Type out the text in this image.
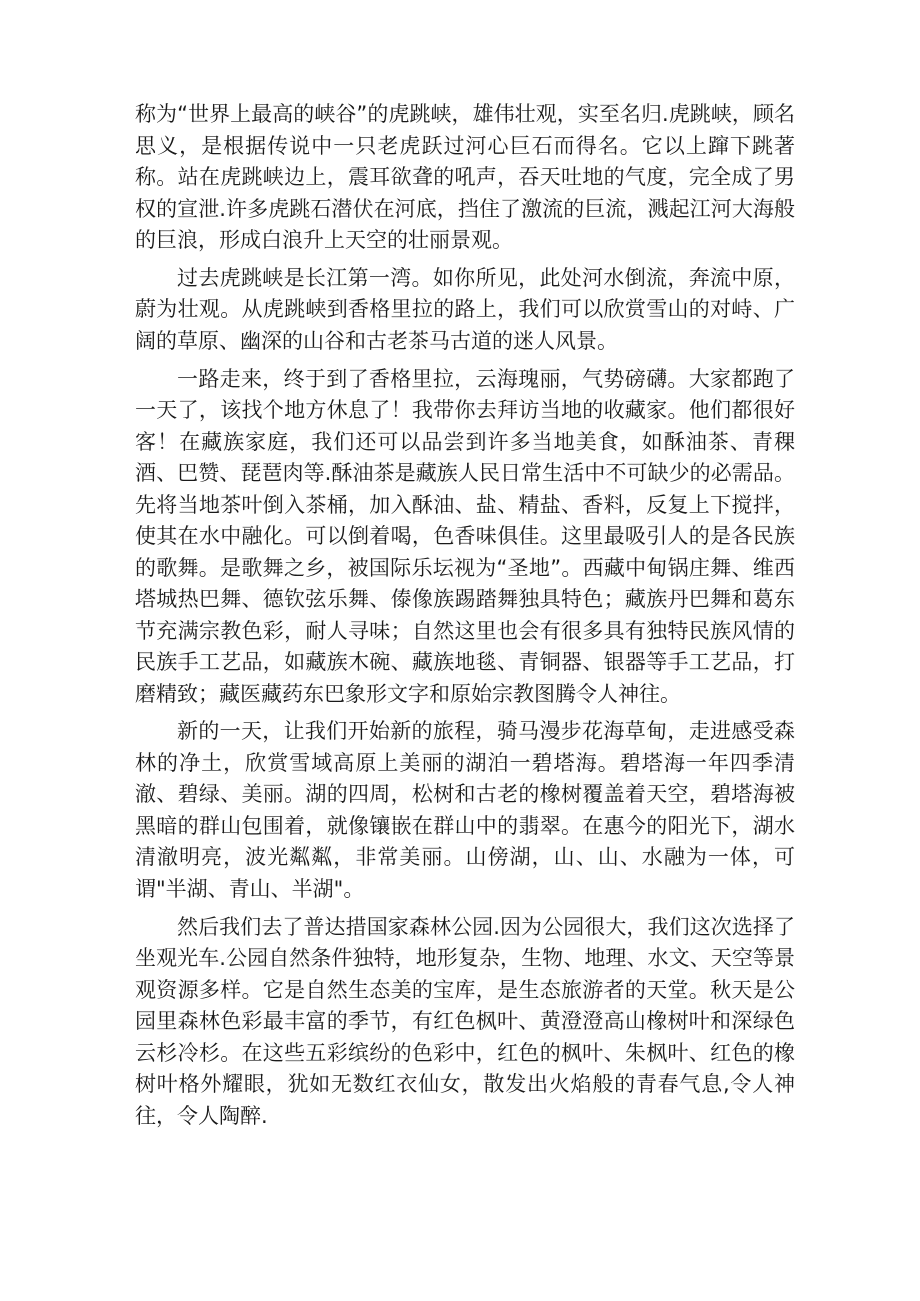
称为“世界上最高的峡谷”的虎跳峡，雄伟壮观，实至名归.虎跳峡，顾名思义，是根据传说中一只老虎跃过河心巨石而得名。它以上蹿下跳著称。站在虎跳峡边上，震耳欲聋的吼声，吞天吐地的气度，完全成了男权的宣泄.许多虎跳石潜伏在河底，挡住了激流的巨流，溅起江河大海般的巨浪，形成白浪升上天空的壮丽景观。

过去虎跳峡是长江第一湾。如你所见，此处河水倒流，奔流中原，蔚为壮观。从虎跳峡到香格里拉的路上，我们可以欣赏雪山的对峙、广阔的草原、幽深的山谷和古老茶马古道的迷人风景。

一路走来，终于到了香格里拉，云海瑰丽，气势磅礴。大家都跑了一天了，该找个地方休息了！我带你去拜访当地的收藏家。他们都很好客！在藏族家庭，我们还可以品尝到许多当地美食，如酥油茶、青稞酒、巴赞、琵琶肉等.酥油茶是藏族人民日常生活中不可缺少的必需品。先将当地茶叶倒入茶桶，加入酥油、盐、精盐、香料，反复上下搅拌，使其在水中融化。可以倒着喝，色香味俱佳。这里最吸引人的是各民族的歌舞。是歌舞之乡，被国际乐坛视为“圣地”。西藏中甸锅庄舞、维西塔城热巴舞、德钦弦乐舞、傣像族踢踏舞独具特色；藏族丹巴舞和葛东节充满宗教色彩，耐人寻味；自然这里也会有很多具有独特民族风情的民族手工艺品，如藏族木碗、藏族地毯、青铜器、银器等手工艺品，打磨精致；藏医藏药东巴象形文字和原始宗教图腾令人神往。

新的一天，让我们开始新的旅程，骑马漫步花海草甸，走进感受森林的净土，欣赏雪域高原上美丽的湖泊一碧塔海。碧塔海一年四季清澈、碧绿、美丽。湖的四周，松树和古老的橡树覆盖着天空，碧塔海被黑暗的群山包围着，就像镶嵌在群山中的翡翠。在惠今的阳光下，湖水清澈明亮，波光粼粼，非常美丽。山傍湖，山、山、水融为一体，可谓"半湖、青山、半湖"。

然后我们去了普达措国家森林公园.因为公园很大，我们这次选择了坐观光车.公园自然条件独特，地形复杂，生物、地理、水文、天空等景观资源多样。它是自然生态美的宝库，是生态旅游者的天堂。秋天是公园里森林色彩最丰富的季节，有红色枫叶、黄澄澄高山橡树叶和深绿色云杉冷杉。在这些五彩缤纷的色彩中，红色的枫叶、朱枫叶、红色的橡树叶格外耀眼，犹如无数红衣仙女，散发出火焰般的青春气息,令人神往，令人陶醉.
